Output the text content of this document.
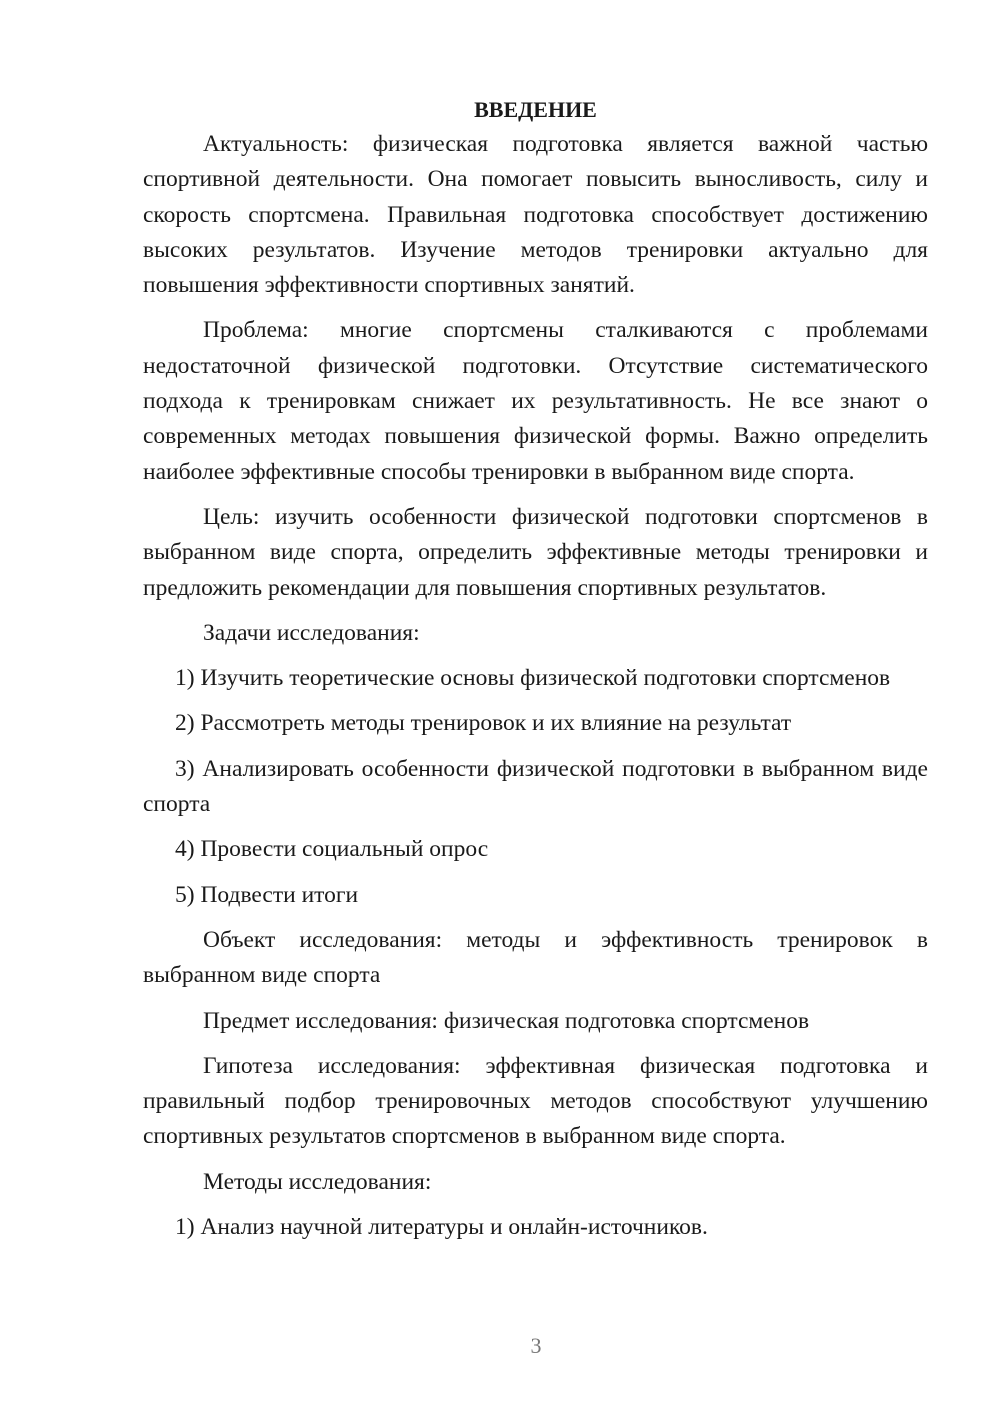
ВВЕДЕНИЕ

Актуальность: физическая подготовка является важной частью спортивной деятельности. Она помогает повысить выносливость, силу и скорость спортсмена. Правильная подготовка способствует достижению высоких результатов. Изучение методов тренировки актуально для повышения эффективности спортивных занятий.

Проблема: многие спортсмены сталкиваются с проблемами недостаточной физической подготовки. Отсутствие систематического подхода к тренировкам снижает их результативность. Не все знают о современных методах повышения физической формы. Важно определить наиболее эффективные способы тренировки в выбранном виде спорта.

Цель: изучить особенности физической подготовки спортсменов в выбранном виде спорта, определить эффективные методы тренировки и предложить рекомендации для повышения спортивных результатов.

Задачи исследования:

1) Изучить теоретические основы физической подготовки спортсменов

2) Рассмотреть методы тренировок и их влияние на результат

3) Анализировать особенности физической подготовки в выбранном виде спорта

4) Провести социальный опрос

5) Подвести итоги

Объект исследования: методы и эффективность тренировок в выбранном виде спорта

Предмет исследования: физическая подготовка спортсменов

Гипотеза исследования: эффективная физическая подготовка и правильный подбор тренировочных методов способствуют улучшению спортивных результатов спортсменов в выбранном виде спорта.

Методы исследования:

1) Анализ научной литературы и онлайн-источников.

3
